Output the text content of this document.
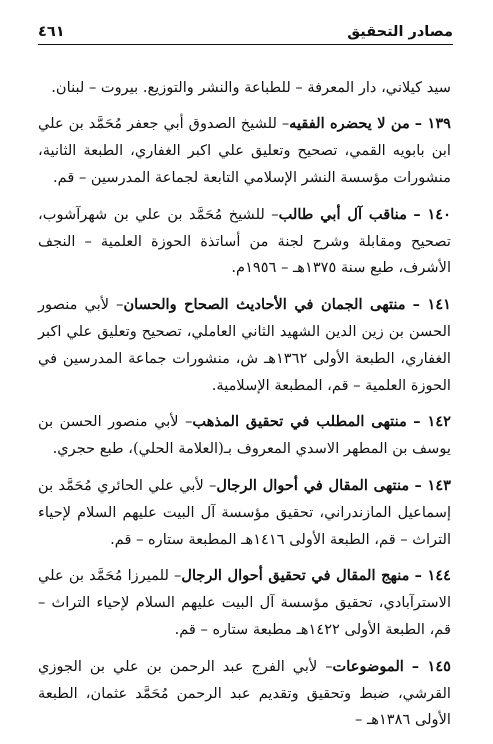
مصادر التحقيق
٤٦١

سيد كيلاني، دار المعرفة – للطباعة والنشر والتوزيع. بيروت – لبنان.

١٣٩ – من لا يحضره الفقيه– للشيخ الصدوق أبي جعفر مُحَمَّد بن علي ابن بابويه القمي، تصحيح وتعليق علي اكبر الغفاري، الطبعة الثانية، منشورات مؤسسة النشر الإسلامي التابعة لجماعة المدرسين – قم.

١٤٠ – مناقب آل أبي طالب– للشيخ مُحَمَّد بن علي بن شهرآشوب، تصحيح ومقابلة وشرح لجنة من أساتذة الحوزة العلمية – النجف الأشرف، طبع سنة ١٣٧٥هـ – ١٩٥٦م.

١٤١ – منتهى الجمان في الأحاديث الصحاح والحسان– لأبي منصور الحسن بن زين الدين الشهيد الثاني العاملي، تصحيح وتعليق علي اكبر الغفاري، الطبعة الأولى ١٣٦٢هـ ش، منشورات جماعة المدرسين في الحوزة العلمية – قم، المطبعة الإسلامية.

١٤٢ – منتهى المطلب في تحقيق المذهب– لأبي منصور الحسن بن يوسف بن المطهر الاسدي المعروف بـ(العلامة الحلي)، طبع حجري.

١٤٣ – منتهى المقال في أحوال الرجال– لأبي علي الحائري مُحَمَّد بن إسماعيل المازندراني، تحقيق مؤسسة آل البيت عليهم السلام لإحياء التراث – قم، الطبعة الأولى ١٤١٦هـ المطبعة ستاره – قم.

١٤٤ – منهج المقال في تحقيق أحوال الرجال– للميرزا مُحَمَّد بن علي الاسترآبادي، تحقيق مؤسسة آل البيت عليهم السلام لإحياء التراث – قم، الطبعة الأولى ١٤٢٢هـ مطبعة ستاره – قم.

١٤٥ – الموضوعات– لأبي الفرج عبد الرحمن بن علي بن الجوزي القرشي، ضبط وتحقيق وتقديم عبد الرحمن مُحَمَّد عثمان، الطبعة الأولى ١٣٨٦هـ –
